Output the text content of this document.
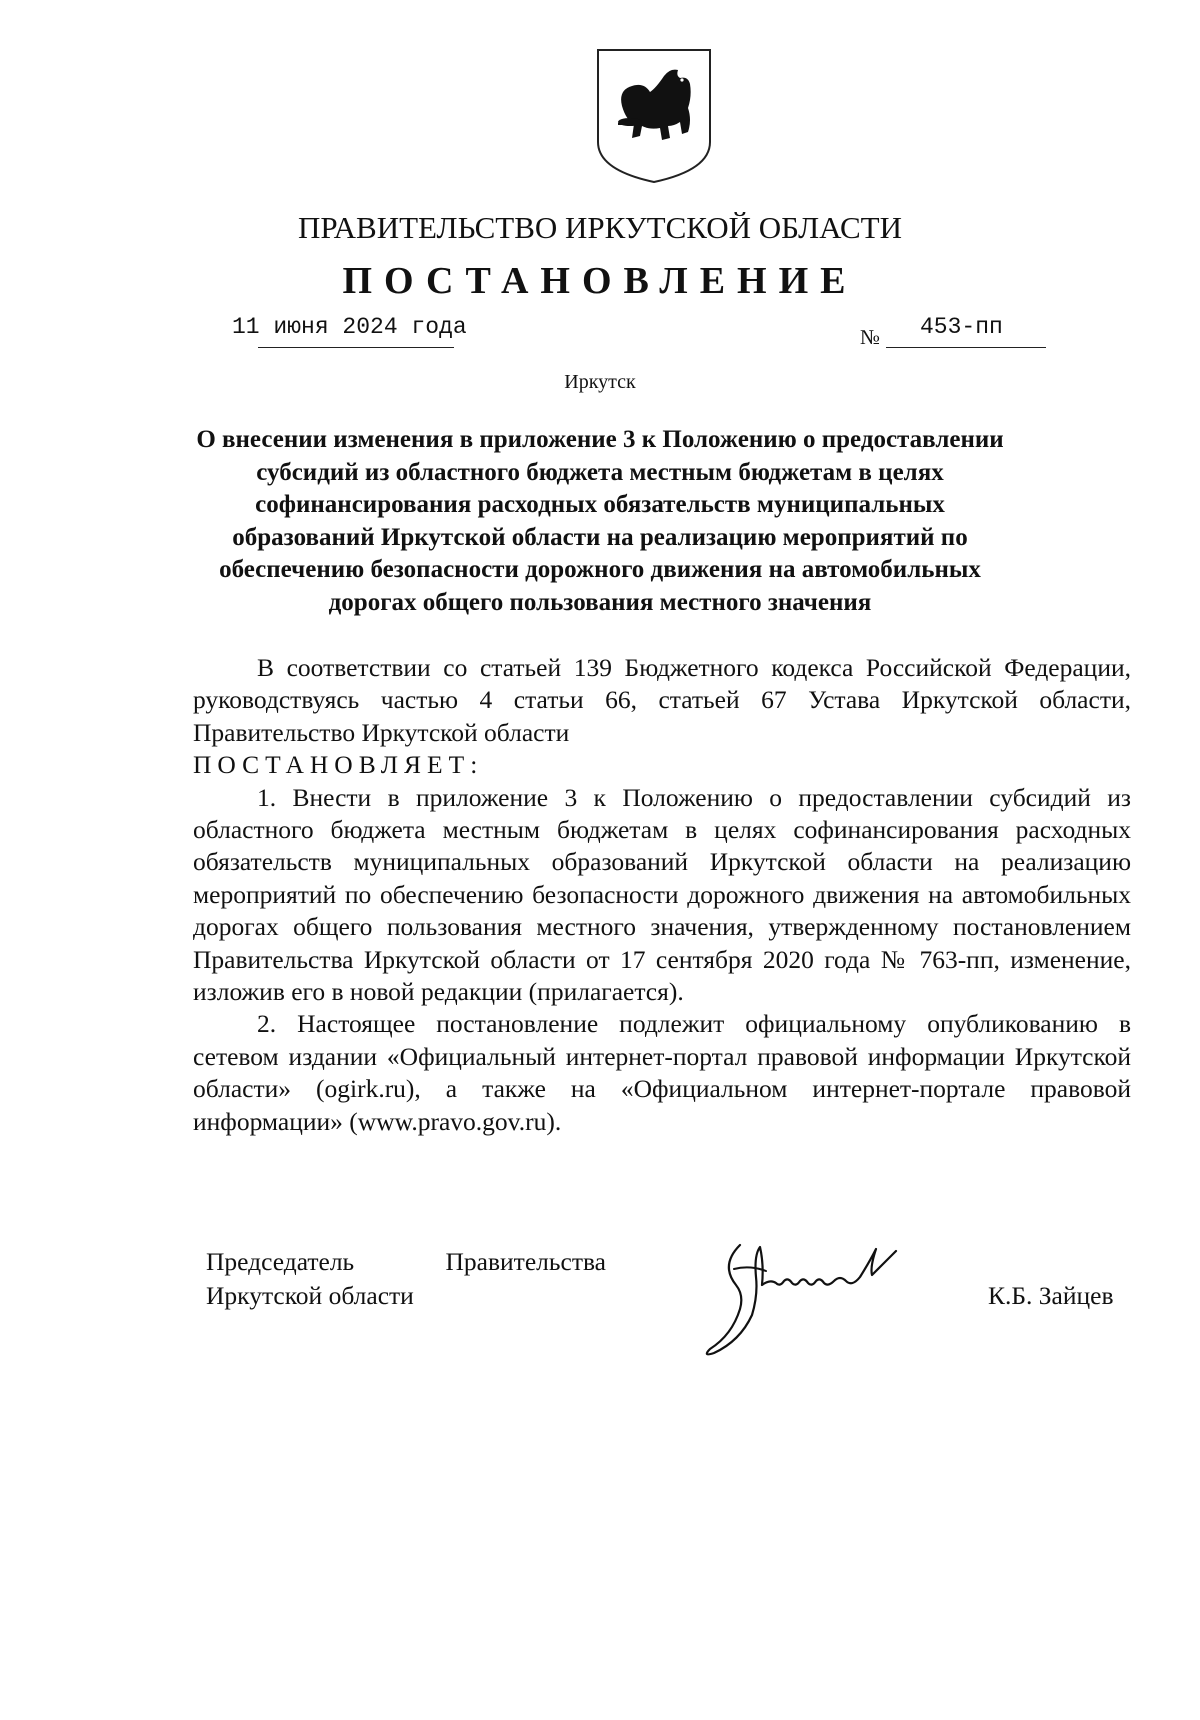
ПРАВИТЕЛЬСТВО ИРКУТСКОЙ ОБЛАСТИ
ПОСТАНОВЛЕНИЕ
11 июня 2024 года	№ 453-пп
Иркутск
О внесении изменения в приложение 3 к Положению о предоставлении субсидий из областного бюджета местным бюджетам в целях софинансирования расходных обязательств муниципальных образований Иркутской области на реализацию мероприятий по обеспечению безопасности дорожного движения на автомобильных дорогах общего пользования местного значения

В соответствии со статьей 139 Бюджетного кодекса Российской Федерации, руководствуясь частью 4 статьи 66, статьей 67 Устава Иркутской области, Правительство Иркутской области

ПОСТАНОВЛЯЕТ:

1. Внести в приложение 3 к Положению о предоставлении субсидий из областного бюджета местным бюджетам в целях софинансирования расходных обязательств муниципальных образований Иркутской области на реализацию мероприятий по обеспечению безопасности дорожного движения на автомобильных дорогах общего пользования местного значения, утвержденному постановлением Правительства Иркутской области от 17 сентября 2020 года № 763-пп, изменение, изложив его в новой редакции (прилагается).

2. Настоящее постановление подлежит официальному опубликованию в сетевом издании «Официальный интернет-портал правовой информации Иркутской области» (ogirk.ru), а также на «Официальном интернет-портале правовой информации» (www.pravo.gov.ru).

Председатель	Правительства
Иркутской области	К.Б. Зайцев
